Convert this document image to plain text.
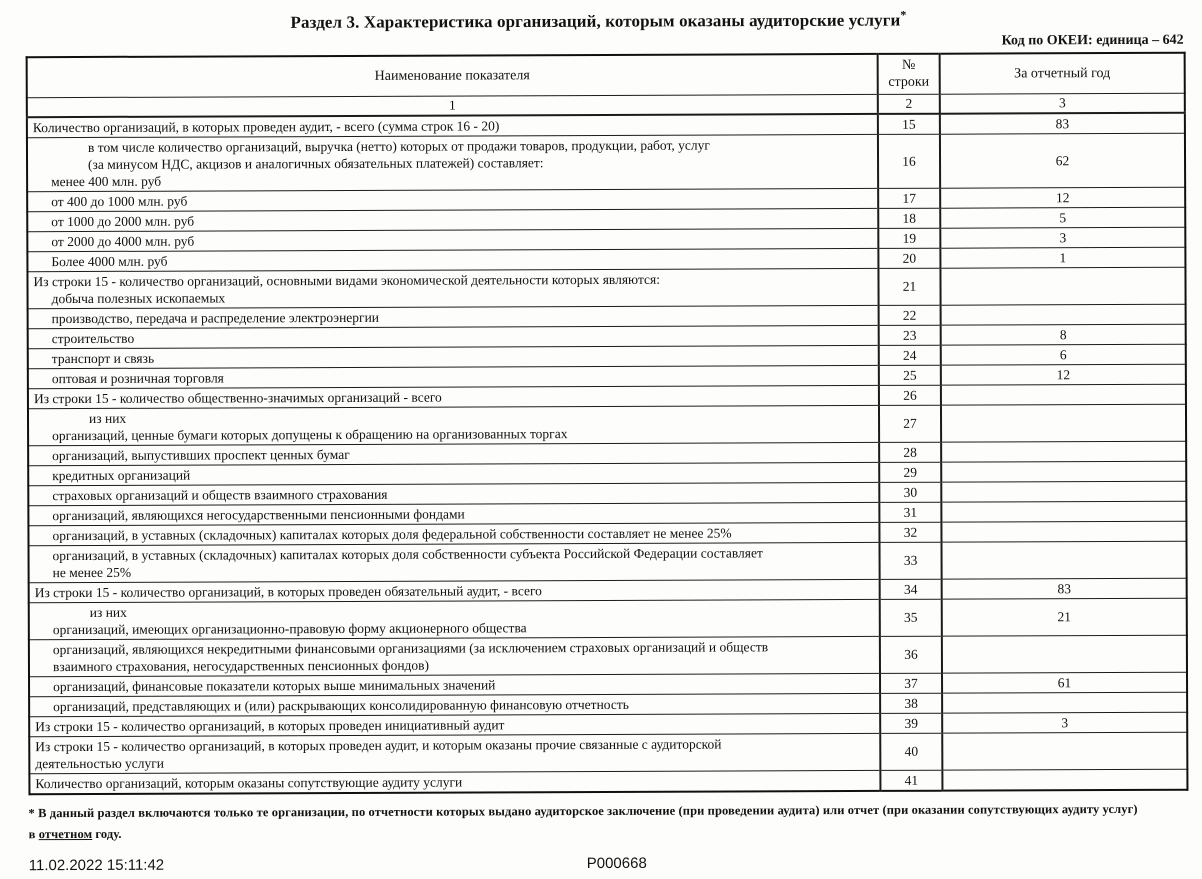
Раздел 3. Характеристика организаций, которым оказаны аудиторские услуги*
Код по ОКЕИ: единица – 642
Наименование показателя	№
строки	За отчетный год
1	2	3

Количество организаций, в которых проведен аудит, - всего (сумма строк 16 - 20)	15	83

в том числе количество организаций, выручка (нетто) которых от продажи товаров, продукции, работ, услуг
(за минусом НДС, акцизов и аналогичных обязательных платежей) составляет:
менее 400 млн. руб	16	62

от 400 до 1000 млн. руб	17	12

от 1000 до 2000 млн. руб	18	5

от 2000 до 4000 млн. руб	19	3

Более 4000 млн. руб	20	1

Из строки 15 - количество организаций, основными видами экономической деятельности которых являются:
добыча полезных ископаемых	21	

производство, передача и распределение электроэнергии	22	

строительство	23	8

транспорт и связь	24	6

оптовая и розничная торговля	25	12

Из строки 15 - количество общественно-значимых организаций - всего	26	

из них
организаций, ценные бумаги которых допущены к обращению на организованных торгах	27	

организаций, выпустивших проспект ценных бумаг	28	

кредитных организаций	29	

страховых организаций и обществ взаимного страхования	30	

организаций, являющихся негосударственными пенсионными фондами	31	

организаций, в уставных (складочных) капиталах которых доля федеральной собственности составляет не менее 25%	32	

организаций, в уставных (складочных) капиталах которых доля собственности субъекта Российской Федерации составляет
не менее 25%	33	

Из строки 15 - количество организаций, в которых проведен обязательный аудит, - всего	34	83

из них
организаций, имеющих организационно-правовую форму акционерного общества	35	21

организаций, являющихся некредитными финансовыми организациями (за исключением страховых организаций и обществ
взаимного страхования, негосударственных пенсионных фондов)	36	

организаций, финансовые показатели которых выше минимальных значений	37	61

организаций, представляющих и (или) раскрывающих консолидированную финансовую отчетность	38	

Из строки 15 - количество организаций, в которых проведен инициативный аудит	39	3

Из строки 15 - количество организаций, в которых проведен аудит, и которым оказаны прочие связанные с аудиторской
деятельностью услуги	40	

Количество организаций, которым оказаны сопутствующие аудиту услуги	41	
* В данный раздел включаются только те организации, по отчетности которых выдано аудиторское заключение (при проведении аудита) или отчет (при оказании сопутствующих аудиту услуг)
в отчетном году.
11.02.2022 15:11:42	P000668
